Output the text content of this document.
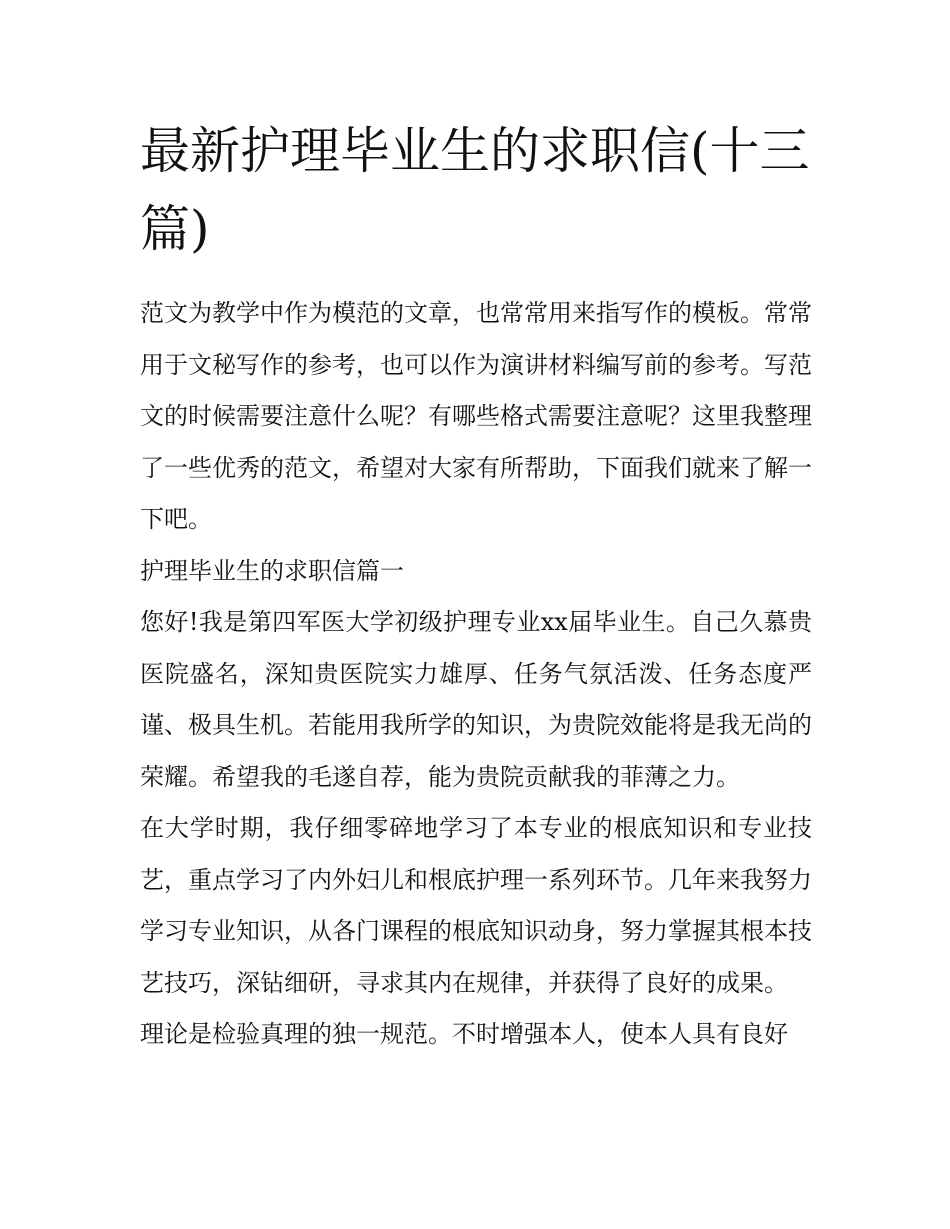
最新护理毕业生的求职信(十三篇)

范文为教学中作为模范的文章，也常常用来指写作的模板。常常用于文秘写作的参考，也可以作为演讲材料编写前的参考。写范文的时候需要注意什么呢？有哪些格式需要注意呢？这里我整理了一些优秀的范文，希望对大家有所帮助，下面我们就来了解一下吧。

护理毕业生的求职信篇一

您好!我是第四军医大学初级护理专业xx届毕业生。自己久慕贵医院盛名，深知贵医院实力雄厚、任务气氛活泼、任务态度严谨、极具生机。若能用我所学的知识，为贵院效能将是我无尚的荣耀。希望我的毛遂自荐，能为贵院贡献我的菲薄之力。

在大学时期，我仔细零碎地学习了本专业的根底知识和专业技艺，重点学习了内外妇儿和根底护理一系列环节。几年来我努力学习专业知识，从各门课程的根底知识动身，努力掌握其根本技艺技巧，深钻细研，寻求其内在规律，并获得了良好的成果。

理论是检验真理的独一规范。不时增强本人，使本人具有良好
